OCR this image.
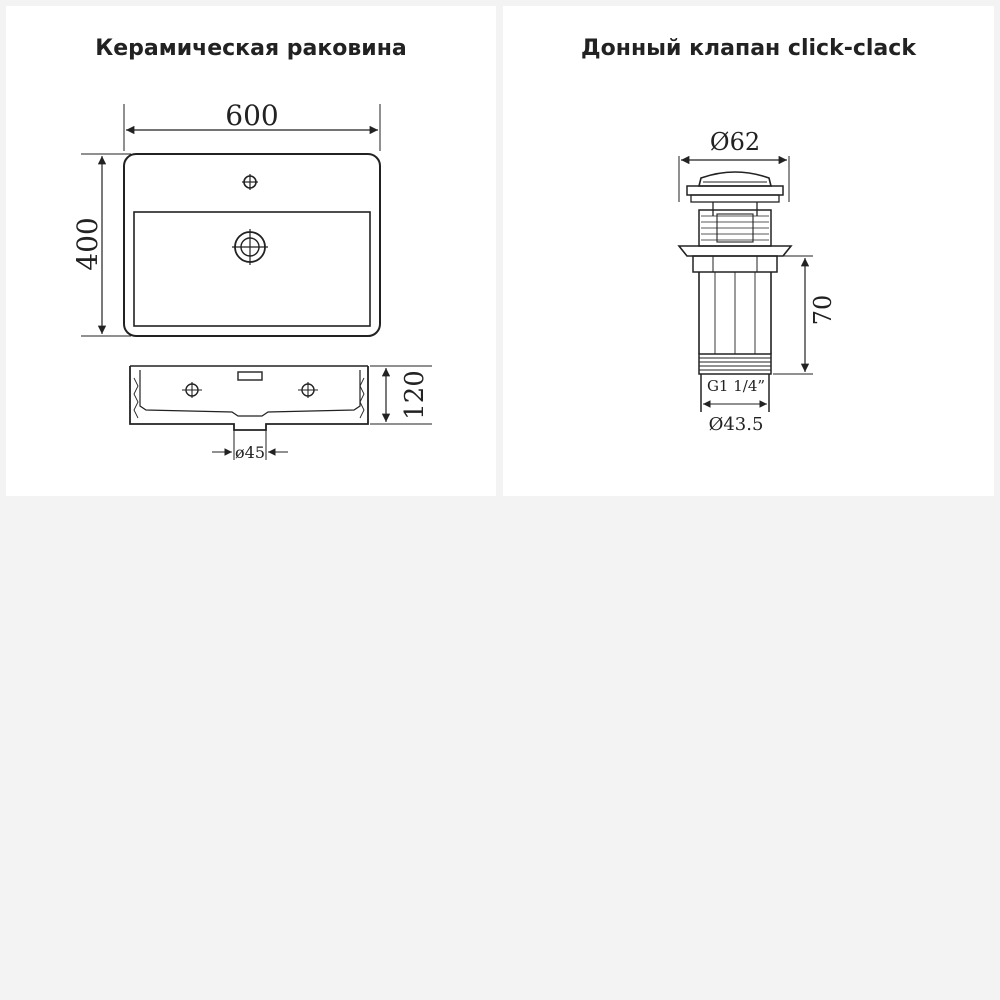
Керамическая раковина
600
400
120
ø45
Донный клапан click-clack
Ø62
70
G1 1/4”
Ø43.5
